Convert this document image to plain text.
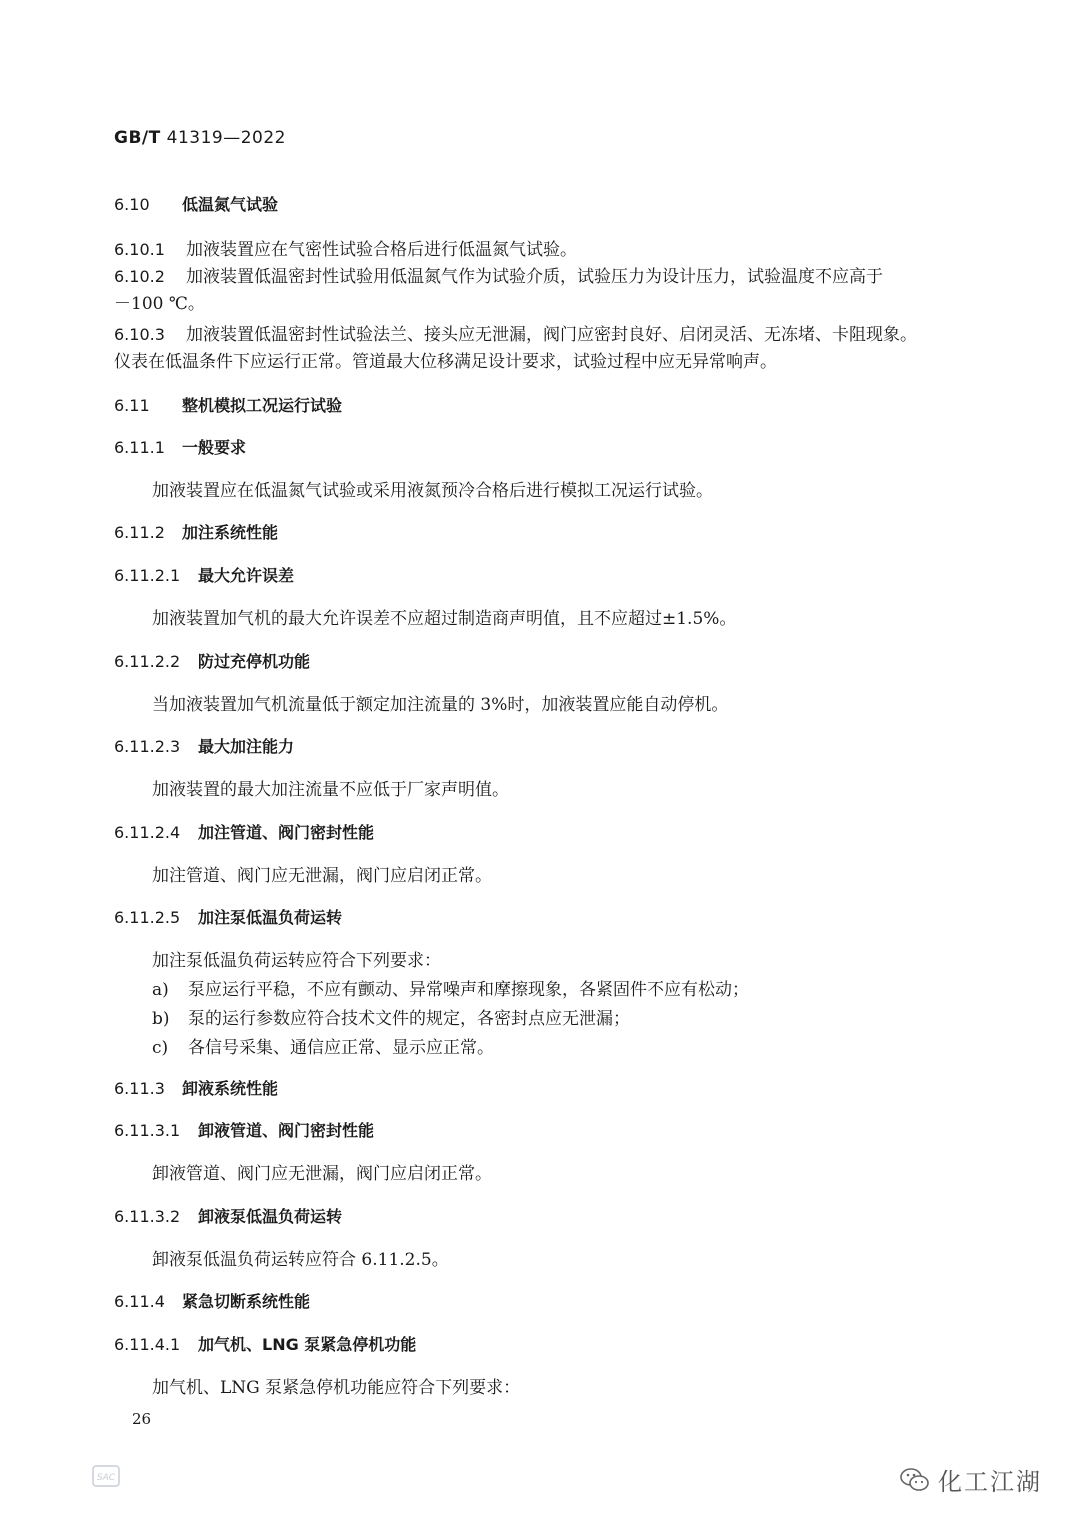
GB/T 41319—2022
6.10 低温氮气试验
6.10.1 加液装置应在气密性试验合格后进行低温氮气试验。
6.10.2 加液装置低温密封性试验用低温氮气作为试验介质，试验压力为设计压力，试验温度不应高于
－100 ℃。
6.10.3 加液装置低温密封性试验法兰、接头应无泄漏，阀门应密封良好、启闭灵活、无冻堵、卡阻现象。
仪表在低温条件下应运行正常。管道最大位移满足设计要求，试验过程中应无异常响声。
6.11 整机模拟工况运行试验
6.11.1 一般要求
加液装置应在低温氮气试验或采用液氮预冷合格后进行模拟工况运行试验。
6.11.2 加注系统性能
6.11.2.1 最大允许误差
加液装置加气机的最大允许误差不应超过制造商声明值，且不应超过±1.5%。
6.11.2.2 防过充停机功能
当加液装置加气机流量低于额定加注流量的 3%时，加液装置应能自动停机。
6.11.2.3 最大加注能力
加液装置的最大加注流量不应低于厂家声明值。
6.11.2.4 加注管道、阀门密封性能
加注管道、阀门应无泄漏，阀门应启闭正常。
6.11.2.5 加注泵低温负荷运转
加注泵低温负荷运转应符合下列要求：
a) 泵应运行平稳，不应有颤动、异常噪声和摩擦现象，各紧固件不应有松动；
b) 泵的运行参数应符合技术文件的规定，各密封点应无泄漏；
c) 各信号采集、通信应正常、显示应正常。
6.11.3 卸液系统性能
6.11.3.1 卸液管道、阀门密封性能
卸液管道、阀门应无泄漏，阀门应启闭正常。
6.11.3.2 卸液泵低温负荷运转
卸液泵低温负荷运转应符合 6.11.2.5。
6.11.4 紧急切断系统性能
6.11.4.1 加气机、LNG 泵紧急停机功能
加气机、LNG 泵紧急停机功能应符合下列要求：
26
SAC	化工江湖
